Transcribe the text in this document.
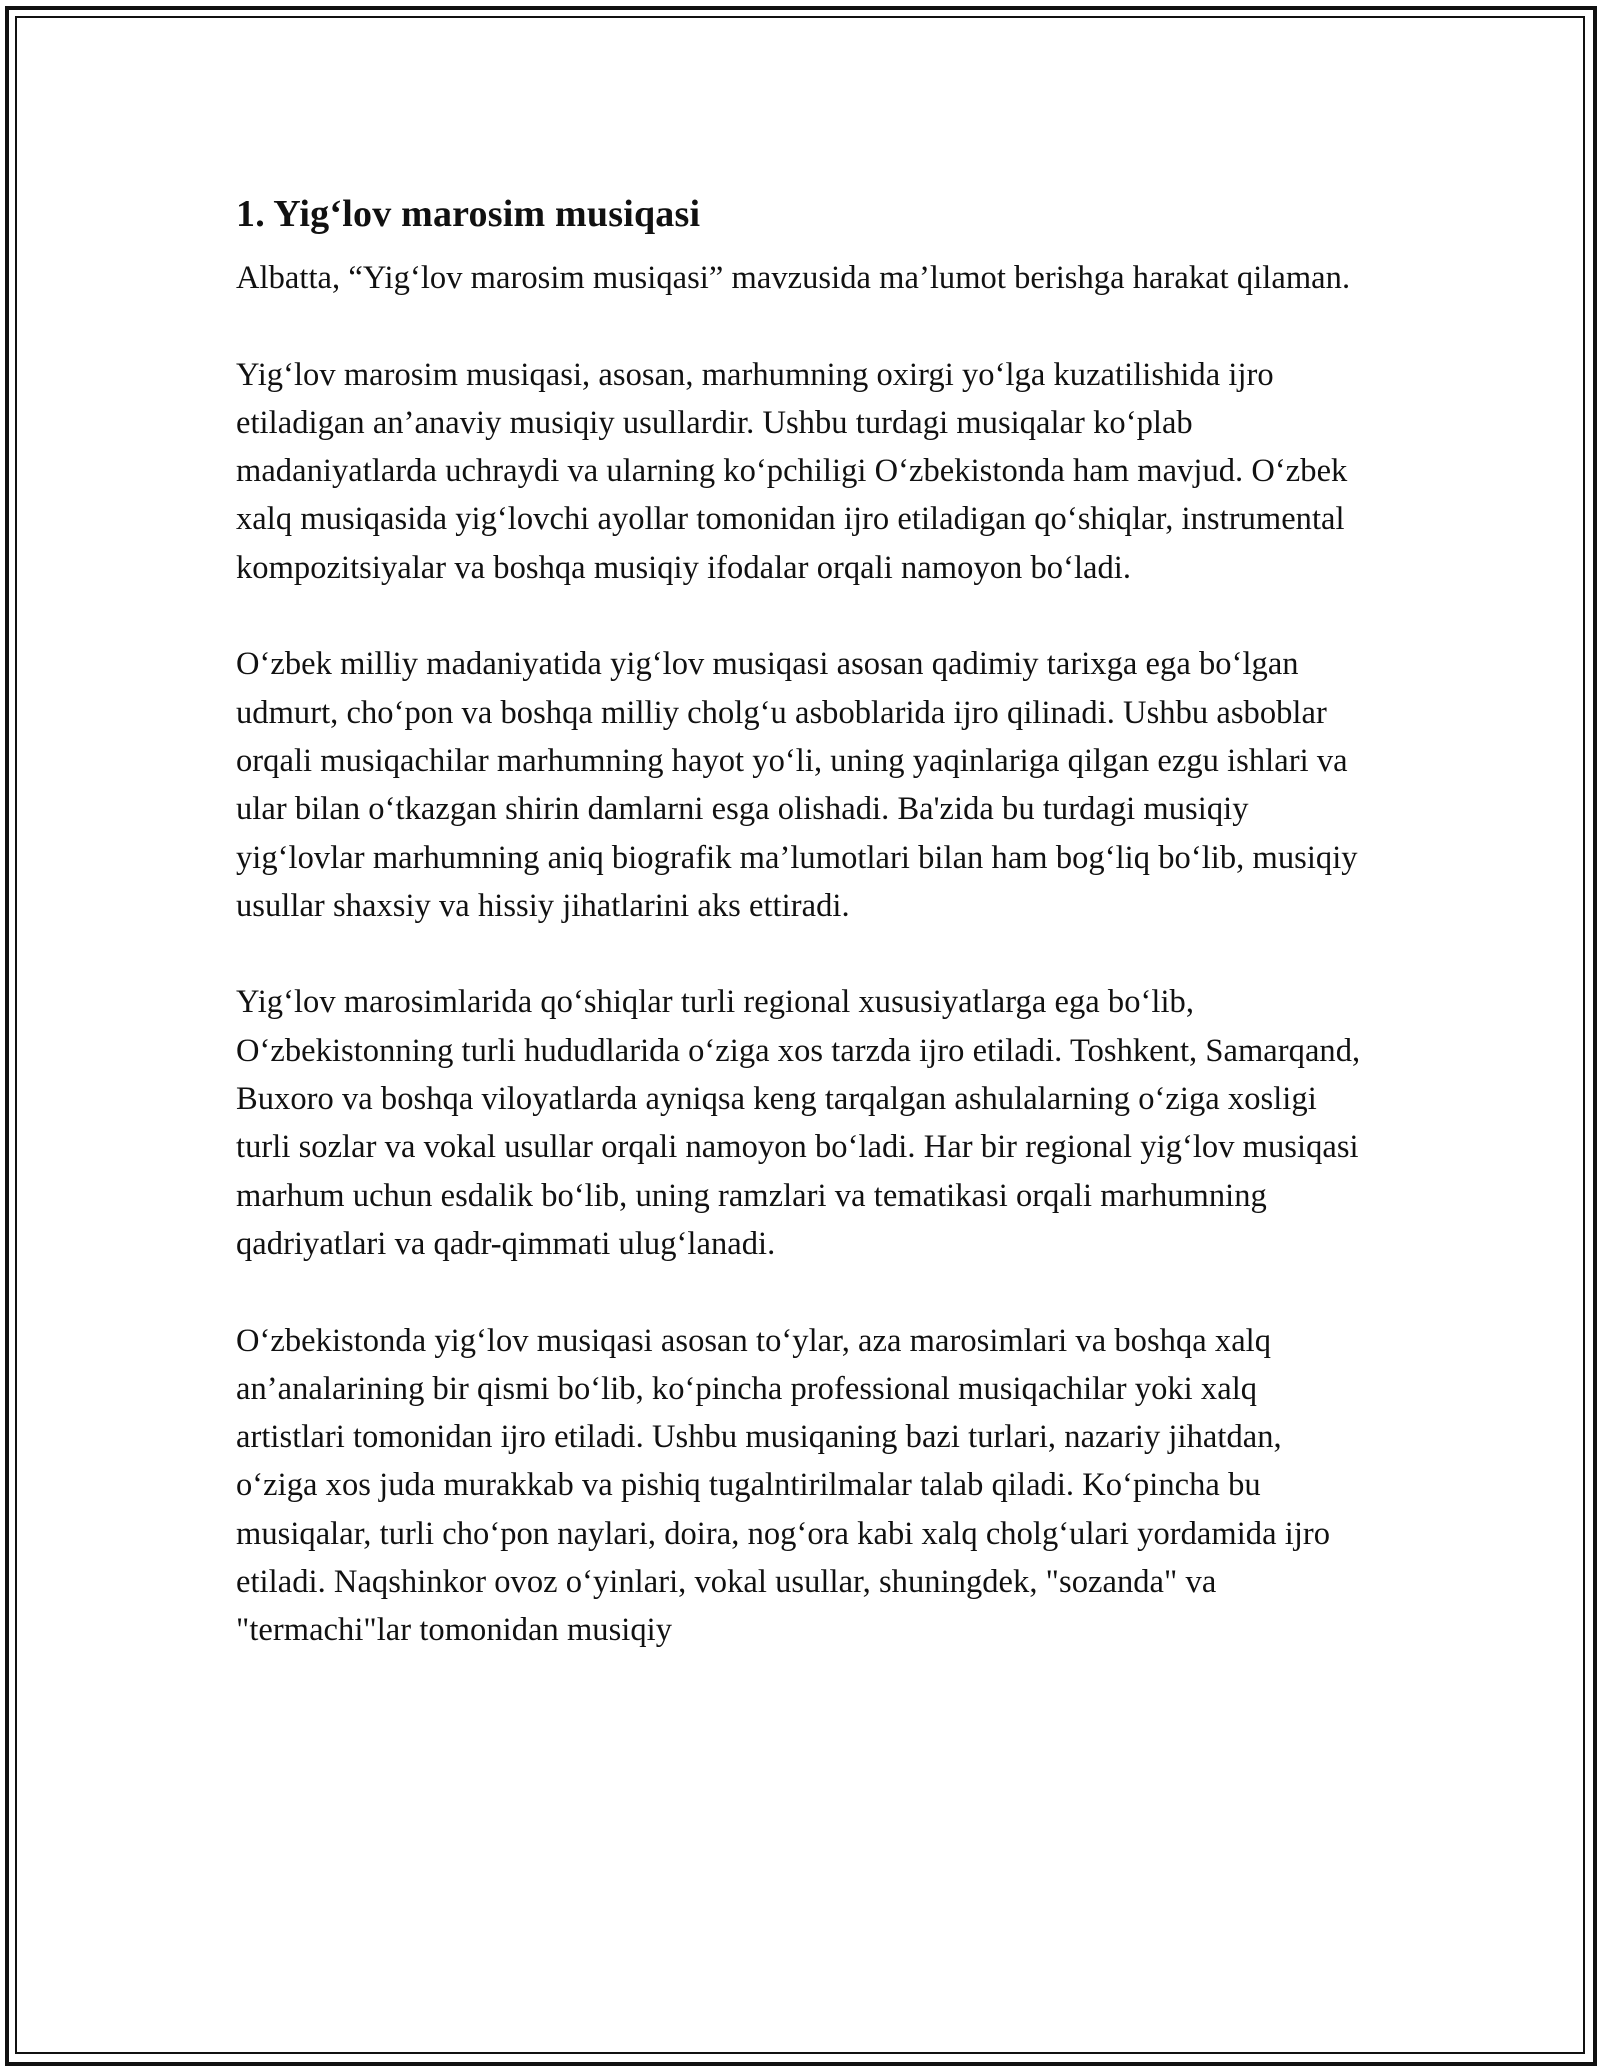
1. Yig‘lov marosim musiqasi

Albatta, “Yig‘lov marosim musiqasi” mavzusida ma’lumot berishga harakat qilaman.

Yig‘lov marosim musiqasi, asosan, marhumning oxirgi yo‘lga kuzatilishida ijro etiladigan an’anaviy musiqiy usullardir. Ushbu turdagi musiqalar ko‘plab madaniyatlarda uchraydi va ularning ko‘pchiligi O‘zbekistonda ham mavjud. O‘zbek xalq musiqasida yig‘lovchi ayollar tomonidan ijro etiladigan qo‘shiqlar, instrumental kompozitsiyalar va boshqa musiqiy ifodalar orqali namoyon bo‘ladi.

O‘zbek milliy madaniyatida yig‘lov musiqasi asosan qadimiy tarixga ega bo‘lgan udmurt, cho‘pon va boshqa milliy cholg‘u asboblarida ijro qilinadi. Ushbu asboblar orqali musiqachilar marhumning hayot yo‘li, uning yaqinlariga qilgan ezgu ishlari va ular bilan o‘tkazgan shirin damlarni esga olishadi. Ba'zida bu turdagi musiqiy yig‘lovlar marhumning aniq biografik ma’lumotlari bilan ham bog‘liq bo‘lib, musiqiy usullar shaxsiy va hissiy jihatlarini aks ettiradi.

Yig‘lov marosimlarida qo‘shiqlar turli regional xususiyatlarga ega bo‘lib, O‘zbekistonning turli hududlarida o‘ziga xos tarzda ijro etiladi. Toshkent, Samarqand, Buxoro va boshqa viloyatlarda ayniqsa keng tarqalgan ashulalarning o‘ziga xosligi turli sozlar va vokal usullar orqali namoyon bo‘ladi. Har bir regional yig‘lov musiqasi marhum uchun esdalik bo‘lib, uning ramzlari va tematikasi orqali marhumning qadriyatlari va qadr-qimmati ulug‘lanadi.

O‘zbekistonda yig‘lov musiqasi asosan to‘ylar, aza marosimlari va boshqa xalq an’analarining bir qismi bo‘lib, ko‘pincha professional musiqachilar yoki xalq artistlari tomonidan ijro etiladi. Ushbu musiqaning bazi turlari, nazariy jihatdan, o‘ziga xos juda murakkab va pishiq tugalntirilmalar talab qiladi. Ko‘pincha bu musiqalar, turli cho‘pon naylari, doira, nog‘ora kabi xalq cholg‘ulari yordamida ijro etiladi. Naqshinkor ovoz o‘yinlari, vokal usullar, shuningdek, "sozanda" va "termachi"lar tomonidan musiqiy
